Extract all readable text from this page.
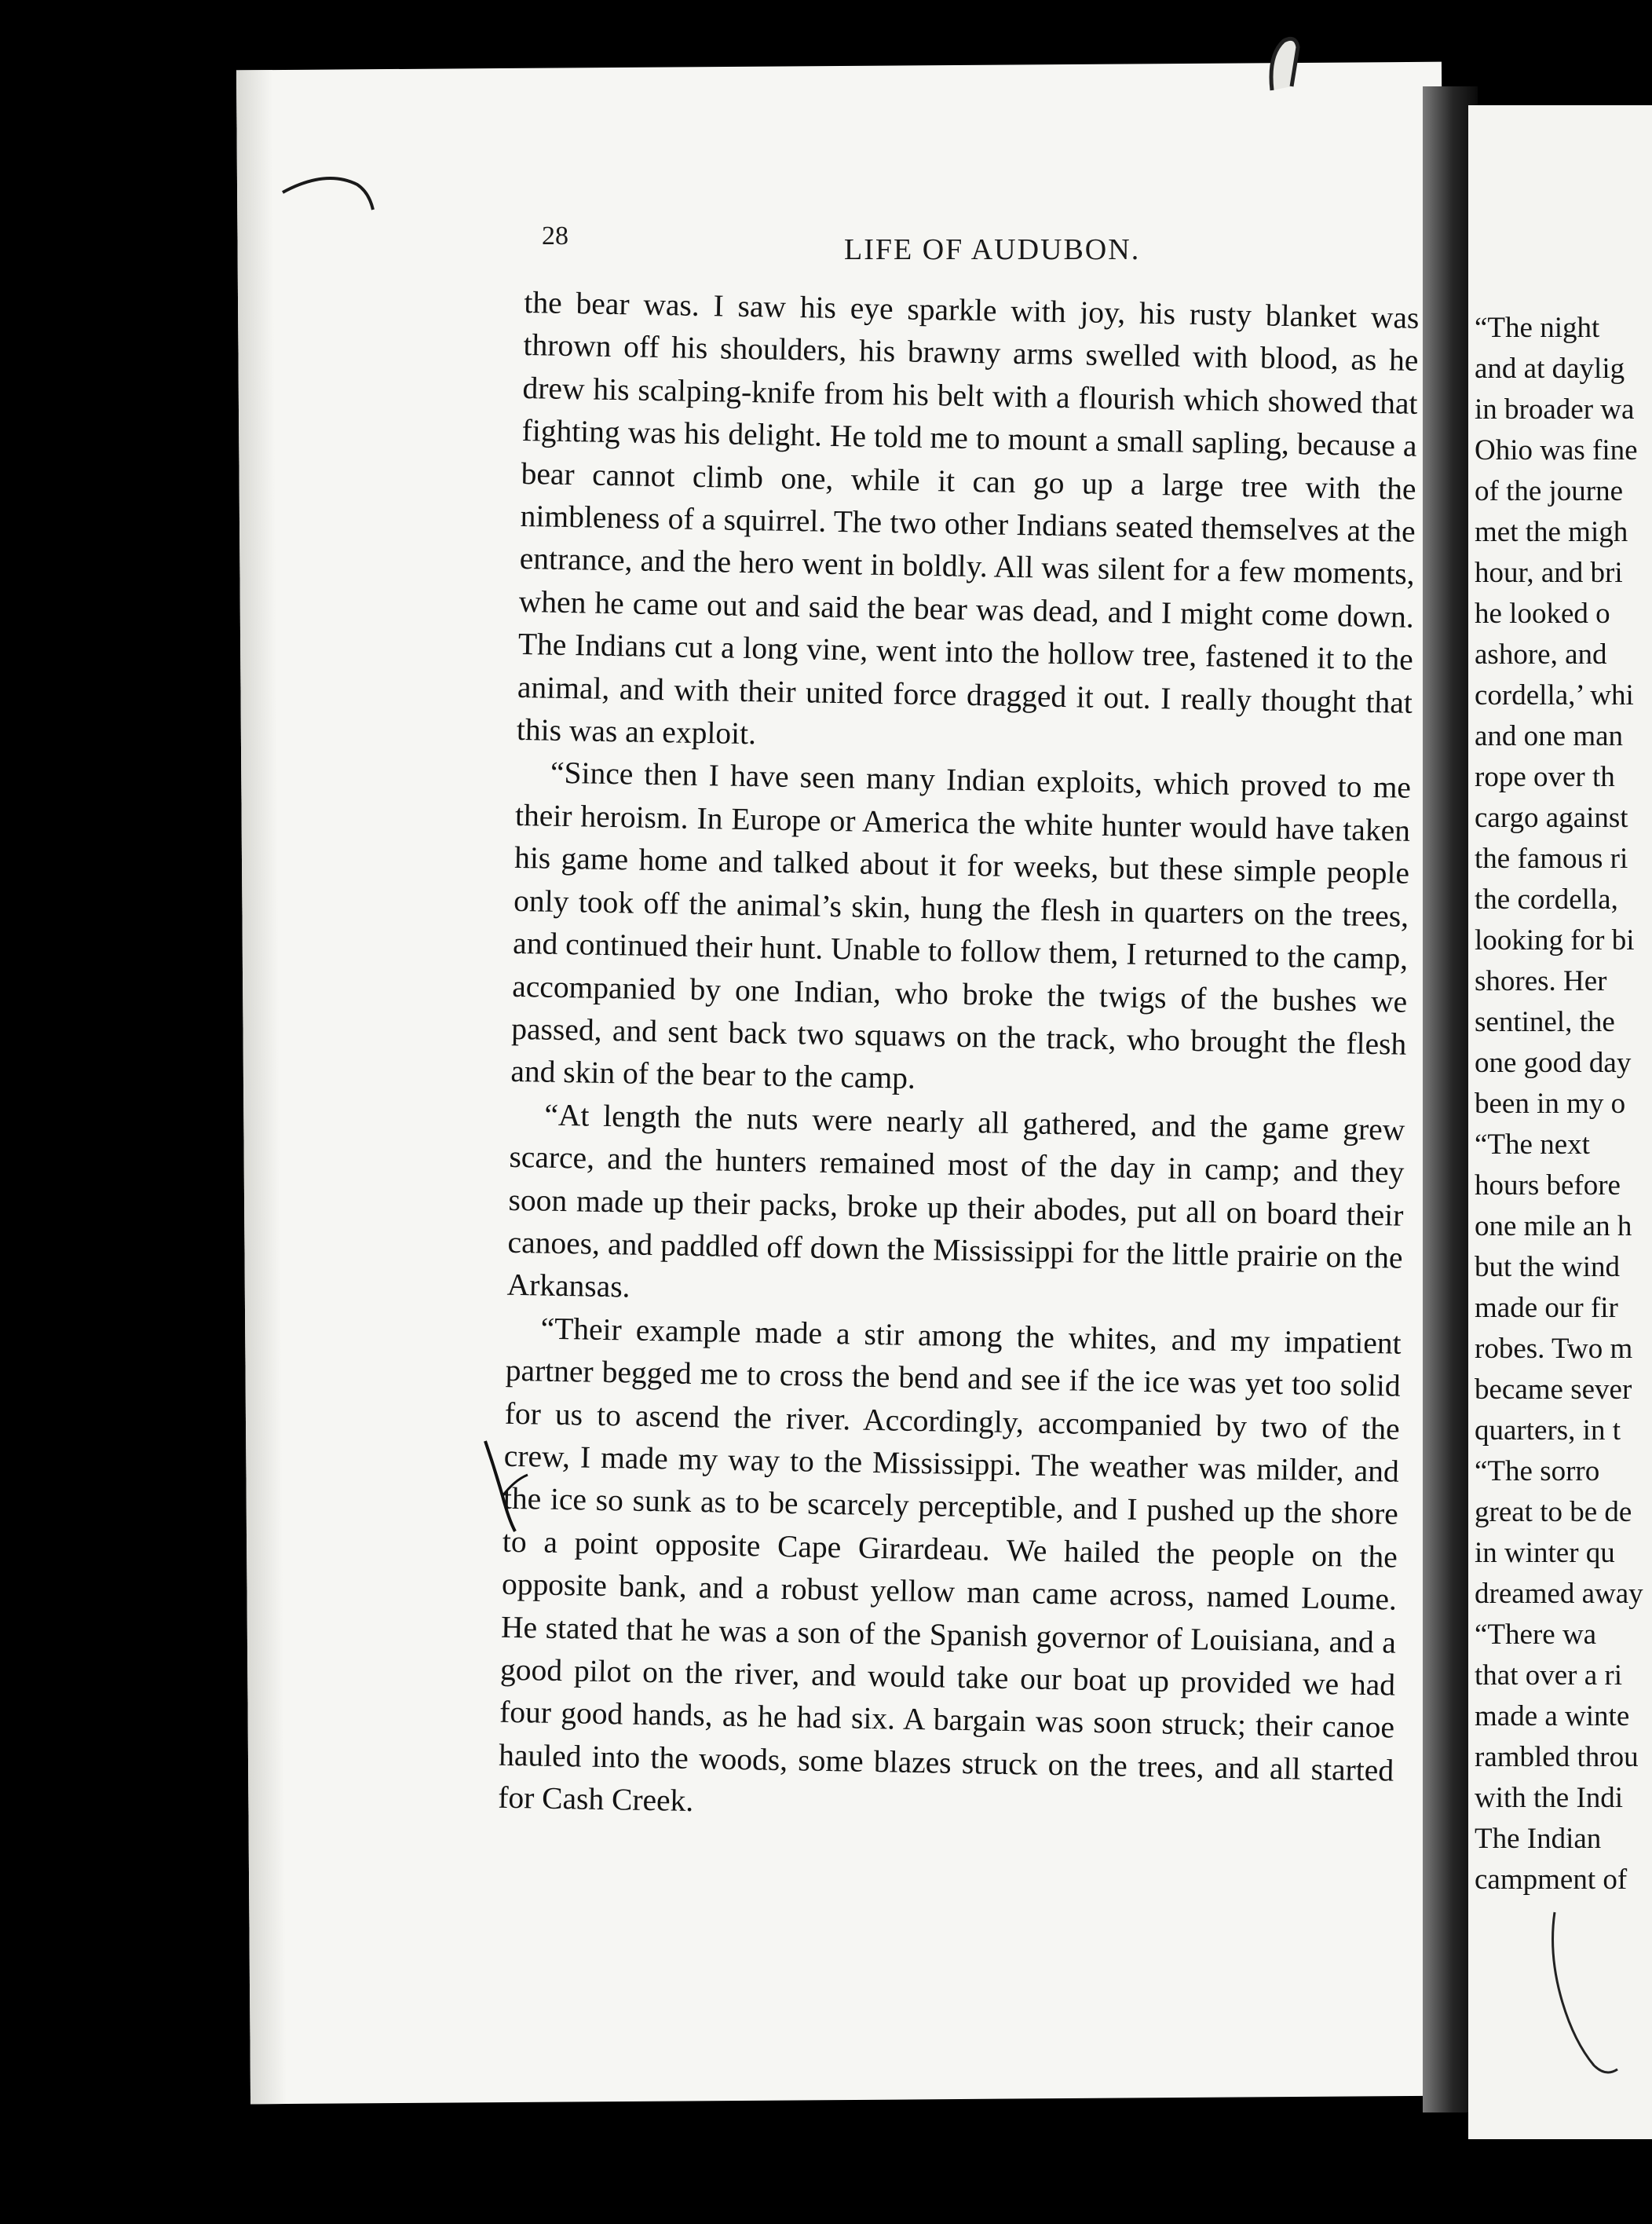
28	LIFE OF AUDUBON.

the bear was. I saw his eye sparkle with joy, his rusty blanket was thrown off his shoulders, his brawny arms swelled with blood, as he drew his scalping-knife from his belt with a flourish which showed that fighting was his delight. He told me to mount a small sapling, because a bear cannot climb one, while it can go up a large tree with the nimbleness of a squirrel. The two other Indians seated themselves at the entrance, and the hero went in boldly. All was silent for a few moments, when he came out and said the bear was dead, and I might come down. The Indians cut a long vine, went into the hollow tree, fastened it to the animal, and with their united force dragged it out. I really thought that this was an exploit.

“Since then I have seen many Indian exploits, which proved to me their heroism. In Europe or America the white hunter would have taken his game home and talked about it for weeks, but these simple people only took off the animal’s skin, hung the flesh in quarters on the trees, and continued their hunt. Unable to follow them, I returned to the camp, accompanied by one Indian, who broke the twigs of the bushes we passed, and sent back two squaws on the track, who brought the flesh and skin of the bear to the camp.

“At length the nuts were nearly all gathered, and the game grew scarce, and the hunters remained most of the day in camp; and they soon made up their packs, broke up their abodes, put all on board their canoes, and paddled off down the Mississippi for the little prairie on the Arkansas.

“Their example made a stir among the whites, and my impatient partner begged me to cross the bend and see if the ice was yet too solid for us to ascend the river. Accordingly, accompanied by two of the crew, I made my way to the Mississippi. The weather was milder, and the ice so sunk as to be scarcely perceptible, and I pushed up the shore to a point opposite Cape Girardeau. We hailed the people on the opposite bank, and a robust yellow man came across, named Loume. He stated that he was a son of the Spanish governor of Louisiana, and a good pilot on the river, and would take our boat up provided we had four good hands, as he had six. A bargain was soon struck; their canoe hauled into the woods, some blazes struck on the trees, and all started for Cash Creek.

“The night
and at daylig
in broader wa
Ohio was fine
of the journe
met the migh
hour, and bri
he looked o
ashore, and
cordella,’ whi
and one man
rope over th
cargo against
the famous ri
the cordella,
looking for bi
shores. Her
sentinel, the
one good day
been in my o
“The next
hours before
one mile an h
but the wind
made our fir
robes. Two m
became sever
quarters, in t
“The sorro
great to be de
in winter qu
dreamed away
“There wa
that over a ri
made a winte
rambled throu
with the Indi
The Indian
campment of
